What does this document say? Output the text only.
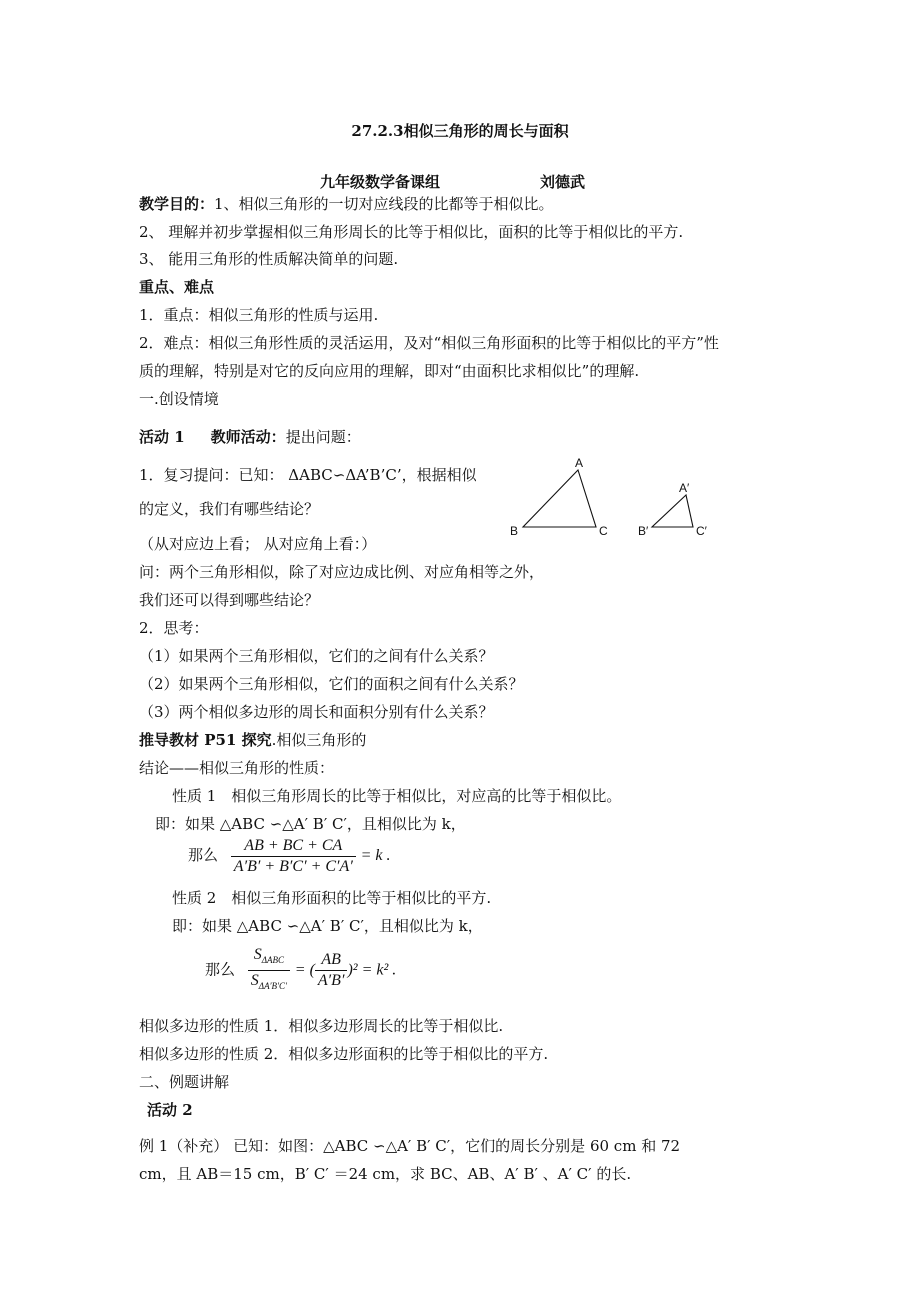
27.2.3相似三角形的周长与面积
九年级数学备课组	刘德武
教学目的：1、相似三角形的一切对应线段的比都等于相似比。
2、 理解并初步掌握相似三角形周长的比等于相似比，面积的比等于相似比的平方.
3、 能用三角形的性质解决简单的问题.
重点、难点
1．重点：相似三角形的性质与运用.
2．难点：相似三角形性质的灵活运用，及对“相似三角形面积的比等于相似比的平方”性
质的理解，特别是对它的反向应用的理解，即对“由面积比求相似比”的理解.
一.创设情境
活动 1 教师活动：提出问题：
1．复习提问：已知： ΔABC∽ΔA’B’C’，根据相似
的定义，我们有哪些结论？
A
B	C
A′
B′	C′
（从对应边上看； 从对应角上看：）
问：两个三角形相似，除了对应边成比例、对应角相等之外，
我们还可以得到哪些结论？
2．思考：
（1）如果两个三角形相似，它们的之间有什么关系？
（2）如果两个三角形相似，它们的面积之间有什么关系？
（3）两个相似多边形的周长和面积分别有什么关系？
推导教材 P51 探究.相似三角形的
结论——相似三角形的性质：
性质 1　相似三角形周长的比等于相似比，对应高的比等于相似比。
即：如果 △ABC ∽△A′ B′ C′，且相似比为 k，
那么 $\frac{AB + BC + CA}{A'B' + B'C' + C'A'} = k$ .
性质 2　相似三角形面积的比等于相似比的平方.
即：如果 △ABC ∽△A′ B′ C′，且相似比为 k，
那么 $\frac{S_{\Delta ABC}}{S_{\Delta A'B'C'}}$ = ( $\frac{AB}{A'B'} )^2 = k^2$ .
相似多边形的性质 1．相似多边形周长的比等于相似比.
相似多边形的性质 2．相似多边形面积的比等于相似比的平方.
二、例题讲解
活动 2
例 1（补充） 已知：如图：△ABC ∽△A′ B′ C′，它们的周长分别是 60 cm 和 72
cm，且 AB＝15 cm，B′ C′ ＝24 cm，求 BC、AB、A′ B′ 、A′ C′ 的长.
